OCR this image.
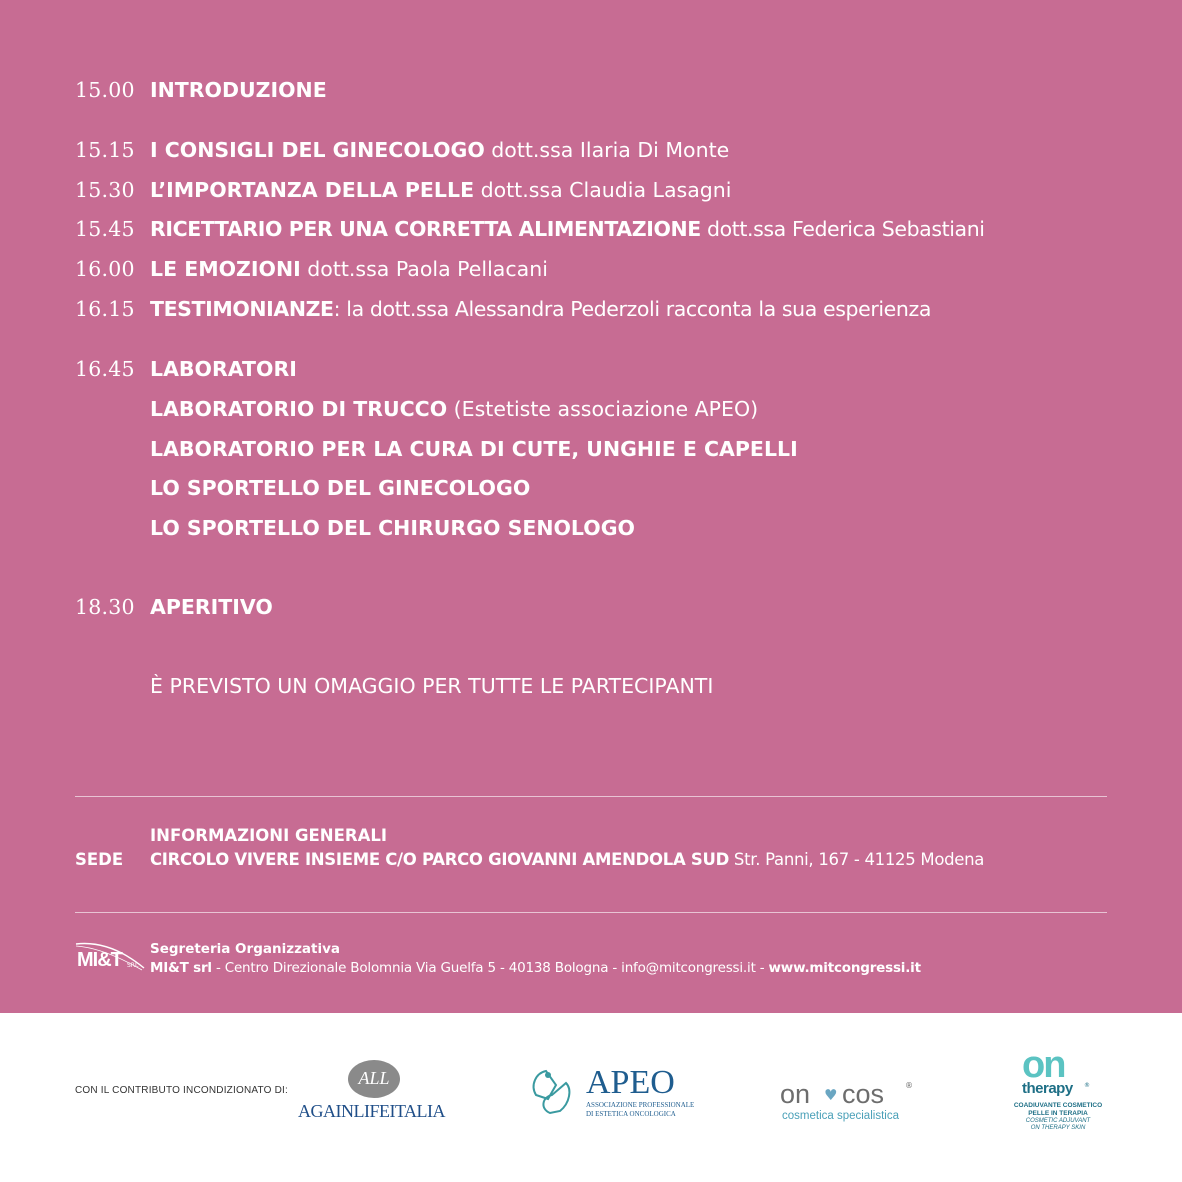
15.00 INTRODUZIONE
15.15 I CONSIGLI DEL GINECOLOGO dott.ssa Ilaria Di Monte
15.30 L’IMPORTANZA DELLA PELLE dott.ssa Claudia Lasagni
15.45 RICETTARIO PER UNA CORRETTA ALIMENTAZIONE dott.ssa Federica Sebastiani
16.00 LE EMOZIONI dott.ssa Paola Pellacani
16.15 TESTIMONIANZE: la dott.ssa Alessandra Pederzoli racconta la sua esperienza
16.45 LABORATORI
LABORATORIO DI TRUCCO (Estetiste associazione APEO)
LABORATORIO PER LA CURA DI CUTE, UNGHIE E CAPELLI
LO SPORTELLO DEL GINECOLOGO
LO SPORTELLO DEL CHIRURGO SENOLOGO
18.30 APERITIVO
È PREVISTO UN OMAGGIO PER TUTTE LE PARTECIPANTI
INFORMAZIONI GENERALI
SEDE CIRCOLO VIVERE INSIEME C/O PARCO GIOVANNI AMENDOLA SUD Str. Panni, 167 - 41125 Modena
MI&T SRL
Segreteria Organizzativa
MI&T srl - Centro Direzionale Bolomnia Via Guelfa 5 - 40138 Bologna - info@mitcongressi.it - www.mitcongressi.it
CON IL CONTRIBUTO INCONDIZIONATO DI:
ALL
AGAINLIFEITALIA
APEO
ASSOCIAZIONE PROFESSIONALE
DI ESTETICA ONCOLOGICA
on ♥ cos	®
cosmetica specialistica
on
therapy ®
COADIUVANTE COSMETICO
PELLE IN TERAPIA
COSMETIC ADJUVANT
ON THERAPY SKIN
